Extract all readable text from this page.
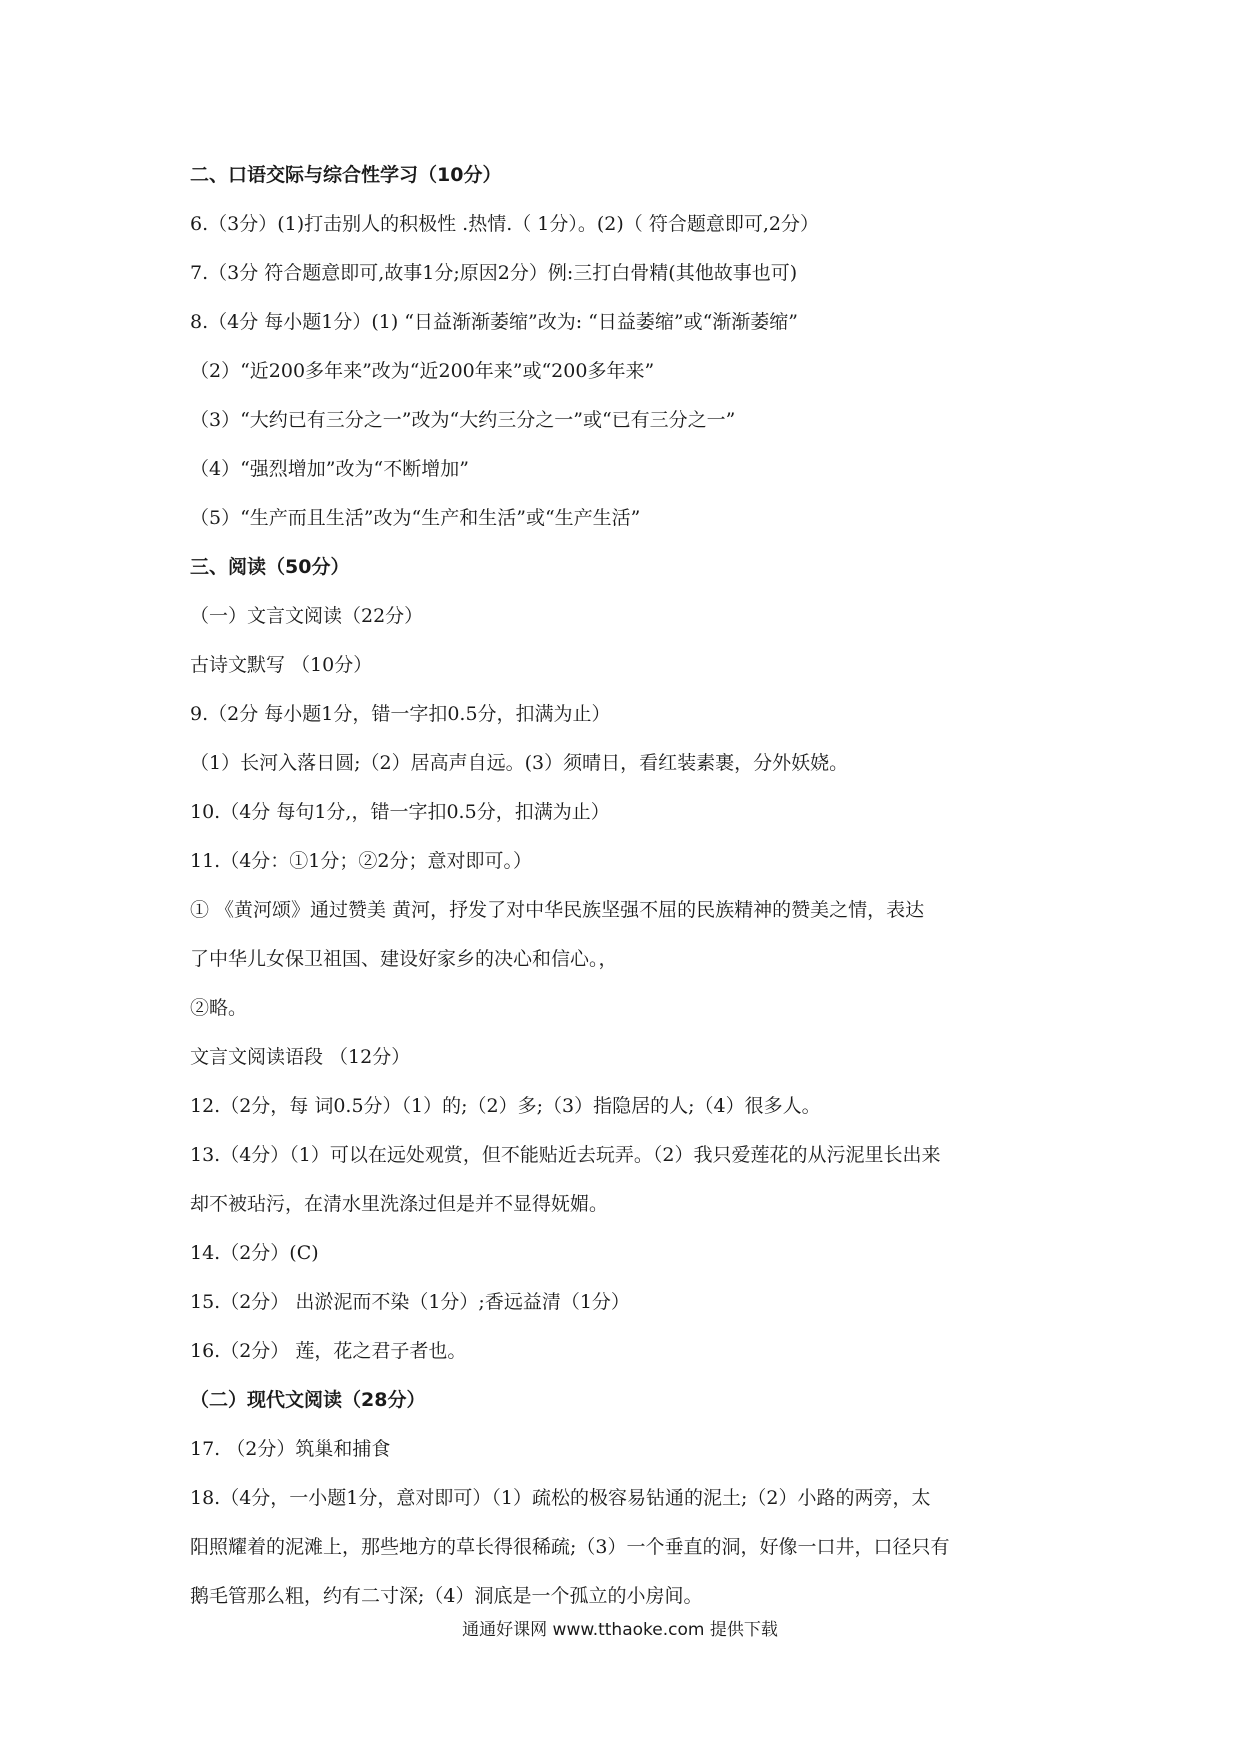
二、口语交际与综合性学习（10分）
6.（3分）(1)打击别人的积极性 .热情.（ 1分）。(2)（ 符合题意即可,2分）
7.（3分 符合题意即可,故事1分;原因2分）例:三打白骨精(其他故事也可)
8.（4分 每小题1分）(1) “日益渐渐萎缩”改为: “日益萎缩”或“渐渐萎缩”
（2）“近200多年来”改为“近200年来”或“200多年来”
（3）“大约已有三分之一”改为“大约三分之一”或“已有三分之一”
（4）“强烈增加”改为“不断增加”
（5）“生产而且生活”改为“生产和生活”或“生产生活”
三、阅读（50分）
（一）文言文阅读（22分）
古诗文默写 （10分）
9.（2分 每小题1分，错一字扣0.5分，扣满为止）
（1）长河入落日圆;（2）居高声自远。(3）须晴日，看红装素裹，分外妖娆。
10.（4分 每句1分,，错一字扣0.5分，扣满为止）
11.（4分：①1分；②2分；意对即可。）
① 《黄河颂》通过赞美 黄河，抒发了对中华民族坚强不屈的民族精神的赞美之情，表达
了中华儿女保卫祖国、建设好家乡的决心和信心。，
②略。
文言文阅读语段 （12分）
12.（2分，每 词0.5分）（1）的;（2）多;（3）指隐居的人;（4）很多人。
13.（4分）（1）可以在远处观赏，但不能贴近去玩弄。（2）我只爱莲花的从污泥里长出来
却不被玷污，在清水里洗涤过但是并不显得妩媚。
14.（2分）(C)
15.（2分） 出淤泥而不染（1分）;香远益清（1分）
16.（2分） 莲，花之君子者也。
（二）现代文阅读（28分）
17. （2分）筑巢和捕食
18.（4分，一小题1分，意对即可）（1）疏松的极容易钻通的泥土;（2）小路的两旁，太
阳照耀着的泥滩上，那些地方的草长得很稀疏;（3）一个垂直的洞，好像一口井，口径只有
鹅毛管那么粗，约有二寸深;（4）洞底是一个孤立的小房间。
通通好课网 www.tthaoke.com 提供下载
